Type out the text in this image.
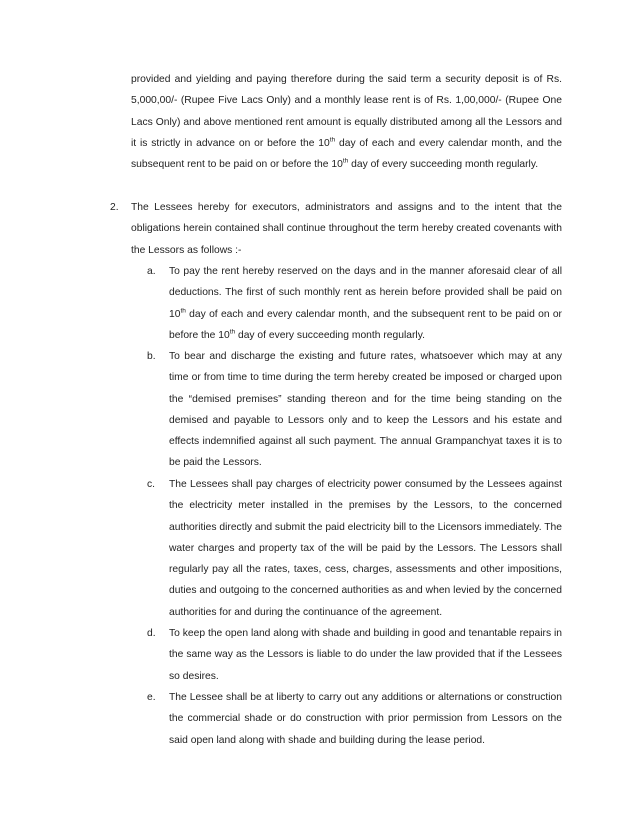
provided and yielding and paying therefore during the said term a security deposit is of Rs. 5,000,00/- (Rupee Five Lacs Only) and a monthly lease rent is of Rs. 1,00,000/- (Rupee One Lacs Only) and above mentioned rent amount is equally distributed among all the Lessors and it is strictly in advance on or before the 10th day of each and every calendar month, and the subsequent rent to be paid on or before the 10th day of every succeeding month regularly.

2. The Lessees hereby for executors, administrators and assigns and to the intent that the obligations herein contained shall continue throughout the term hereby created covenants with the Lessors as follows :-

a. To pay the rent hereby reserved on the days and in the manner aforesaid clear of all deductions. The first of such monthly rent as herein before provided shall be paid on 10th day of each and every calendar month, and the subsequent rent to be paid on or before the 10th day of every succeeding month regularly.

b. To bear and discharge the existing and future rates, whatsoever which may at any time or from time to time during the term hereby created be imposed or charged upon the “demised premises” standing thereon and for the time being standing on the demised and payable to Lessors only and to keep the Lessors and his estate and effects indemnified against all such payment. The annual Grampanchyat taxes it is to be paid the Lessors.

c. The Lessees shall pay charges of electricity power consumed by the Lessees against the electricity meter installed in the premises by the Lessors, to the concerned authorities directly and submit the paid electricity bill to the Licensors immediately. The water charges and property tax of the will be paid by the Lessors. The Lessors shall regularly pay all the rates, taxes, cess, charges, assessments and other impositions, duties and outgoing to the concerned authorities as and when levied by the concerned authorities for and during the continuance of the agreement.

d. To keep the open land along with shade and building in good and tenantable repairs in the same way as the Lessors is liable to do under the law provided that if the Lessees so desires.

e. The Lessee shall be at liberty to carry out any additions or alternations or construction the commercial shade or do construction with prior permission from Lessors on the said open land along with shade and building during the lease period.
